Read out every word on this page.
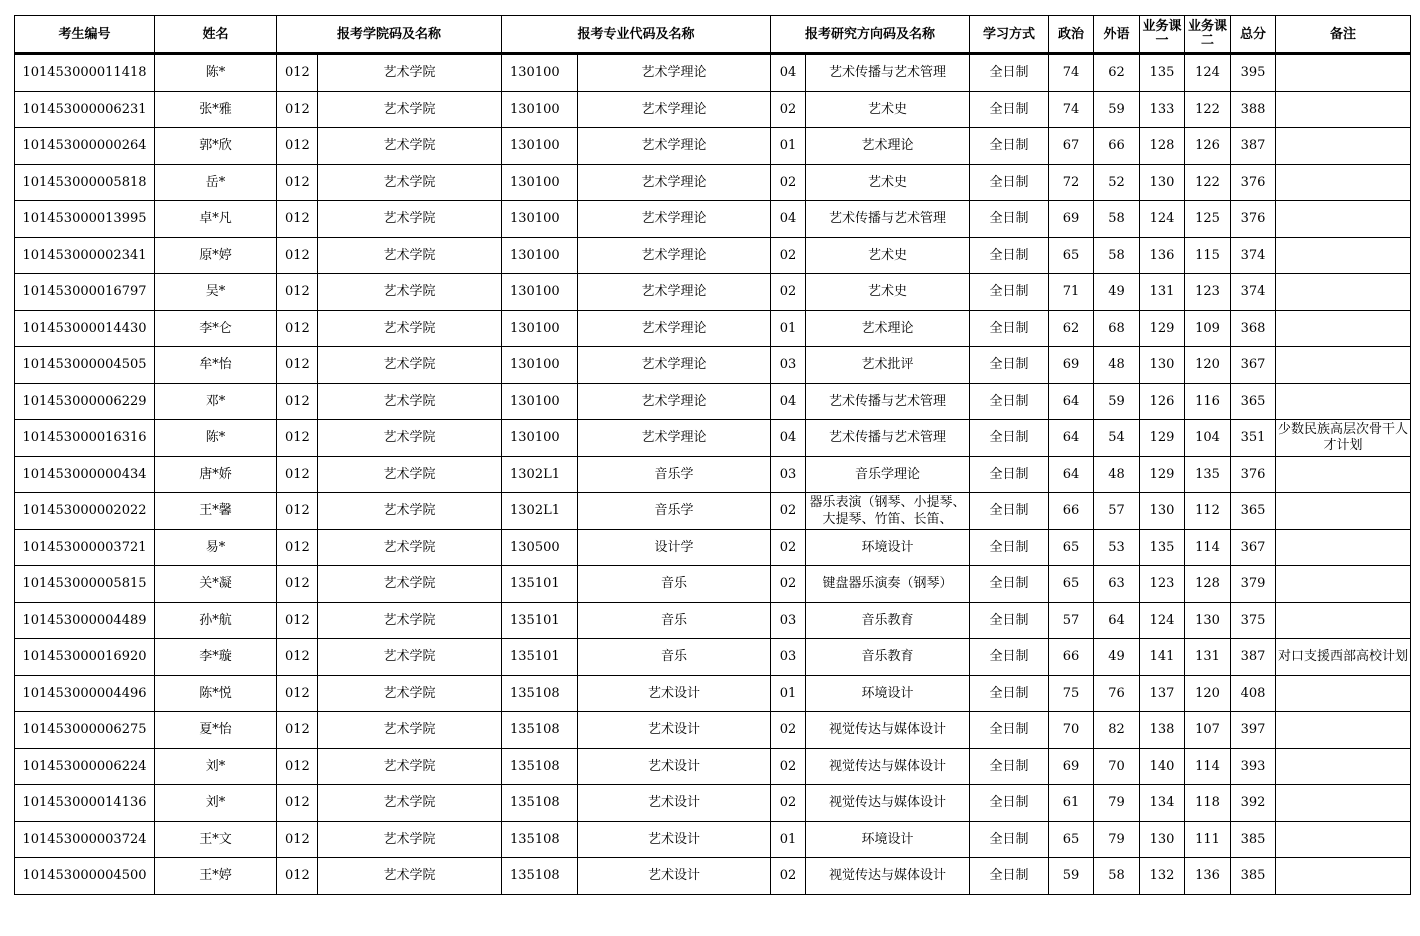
考生编号	姓名	报考学院码及名称		报考专业代码及名称		报考研究方向码及名称		学习方式	政治	外语	业务课一	业务课二	总分	备注
101453000011418	陈*	012	艺术学院	130100	艺术学理论	04	艺术传播与艺术管理	全日制	74	62	135	124	395	
101453000006231	张*雅	012	艺术学院	130100	艺术学理论	02	艺术史	全日制	74	59	133	122	388	
101453000000264	郭*欣	012	艺术学院	130100	艺术学理论	01	艺术理论	全日制	67	66	128	126	387	
101453000005818	岳*	012	艺术学院	130100	艺术学理论	02	艺术史	全日制	72	52	130	122	376	
101453000013995	卓*凡	012	艺术学院	130100	艺术学理论	04	艺术传播与艺术管理	全日制	69	58	124	125	376	
101453000002341	原*婷	012	艺术学院	130100	艺术学理论	02	艺术史	全日制	65	58	136	115	374	
101453000016797	吴*	012	艺术学院	130100	艺术学理论	02	艺术史	全日制	71	49	131	123	374	
101453000014430	李*仑	012	艺术学院	130100	艺术学理论	01	艺术理论	全日制	62	68	129	109	368	
101453000004505	牟*怡	012	艺术学院	130100	艺术学理论	03	艺术批评	全日制	69	48	130	120	367	
101453000006229	邓*	012	艺术学院	130100	艺术学理论	04	艺术传播与艺术管理	全日制	64	59	126	116	365	
101453000016316	陈*	012	艺术学院	130100	艺术学理论	04	艺术传播与艺术管理	全日制	64	54	129	104	351	少数民族高层次骨干人才计划
101453000000434	唐*娇	012	艺术学院	1302L1	音乐学	03	音乐学理论	全日制	64	48	129	135	376	
101453000002022	王*馨	012	艺术学院	1302L1	音乐学	02	器乐表演（钢琴、小提琴、大提琴、竹笛、长笛、	全日制	66	57	130	112	365	
101453000003721	易*	012	艺术学院	130500	设计学	02	环境设计	全日制	65	53	135	114	367	
101453000005815	关*凝	012	艺术学院	135101	音乐	02	键盘器乐演奏（钢琴）	全日制	65	63	123	128	379	
101453000004489	孙*航	012	艺术学院	135101	音乐	03	音乐教育	全日制	57	64	124	130	375	
101453000016920	李*璇	012	艺术学院	135101	音乐	03	音乐教育	全日制	66	49	141	131	387	对口支援西部高校计划
101453000004496	陈*悦	012	艺术学院	135108	艺术设计	01	环境设计	全日制	75	76	137	120	408	
101453000006275	夏*怡	012	艺术学院	135108	艺术设计	02	视觉传达与媒体设计	全日制	70	82	138	107	397	
101453000006224	刘*	012	艺术学院	135108	艺术设计	02	视觉传达与媒体设计	全日制	69	70	140	114	393	
101453000014136	刘*	012	艺术学院	135108	艺术设计	02	视觉传达与媒体设计	全日制	61	79	134	118	392	
101453000003724	王*文	012	艺术学院	135108	艺术设计	01	环境设计	全日制	65	79	130	111	385	
101453000004500	王*婷	012	艺术学院	135108	艺术设计	02	视觉传达与媒体设计	全日制	59	58	132	136	385	
